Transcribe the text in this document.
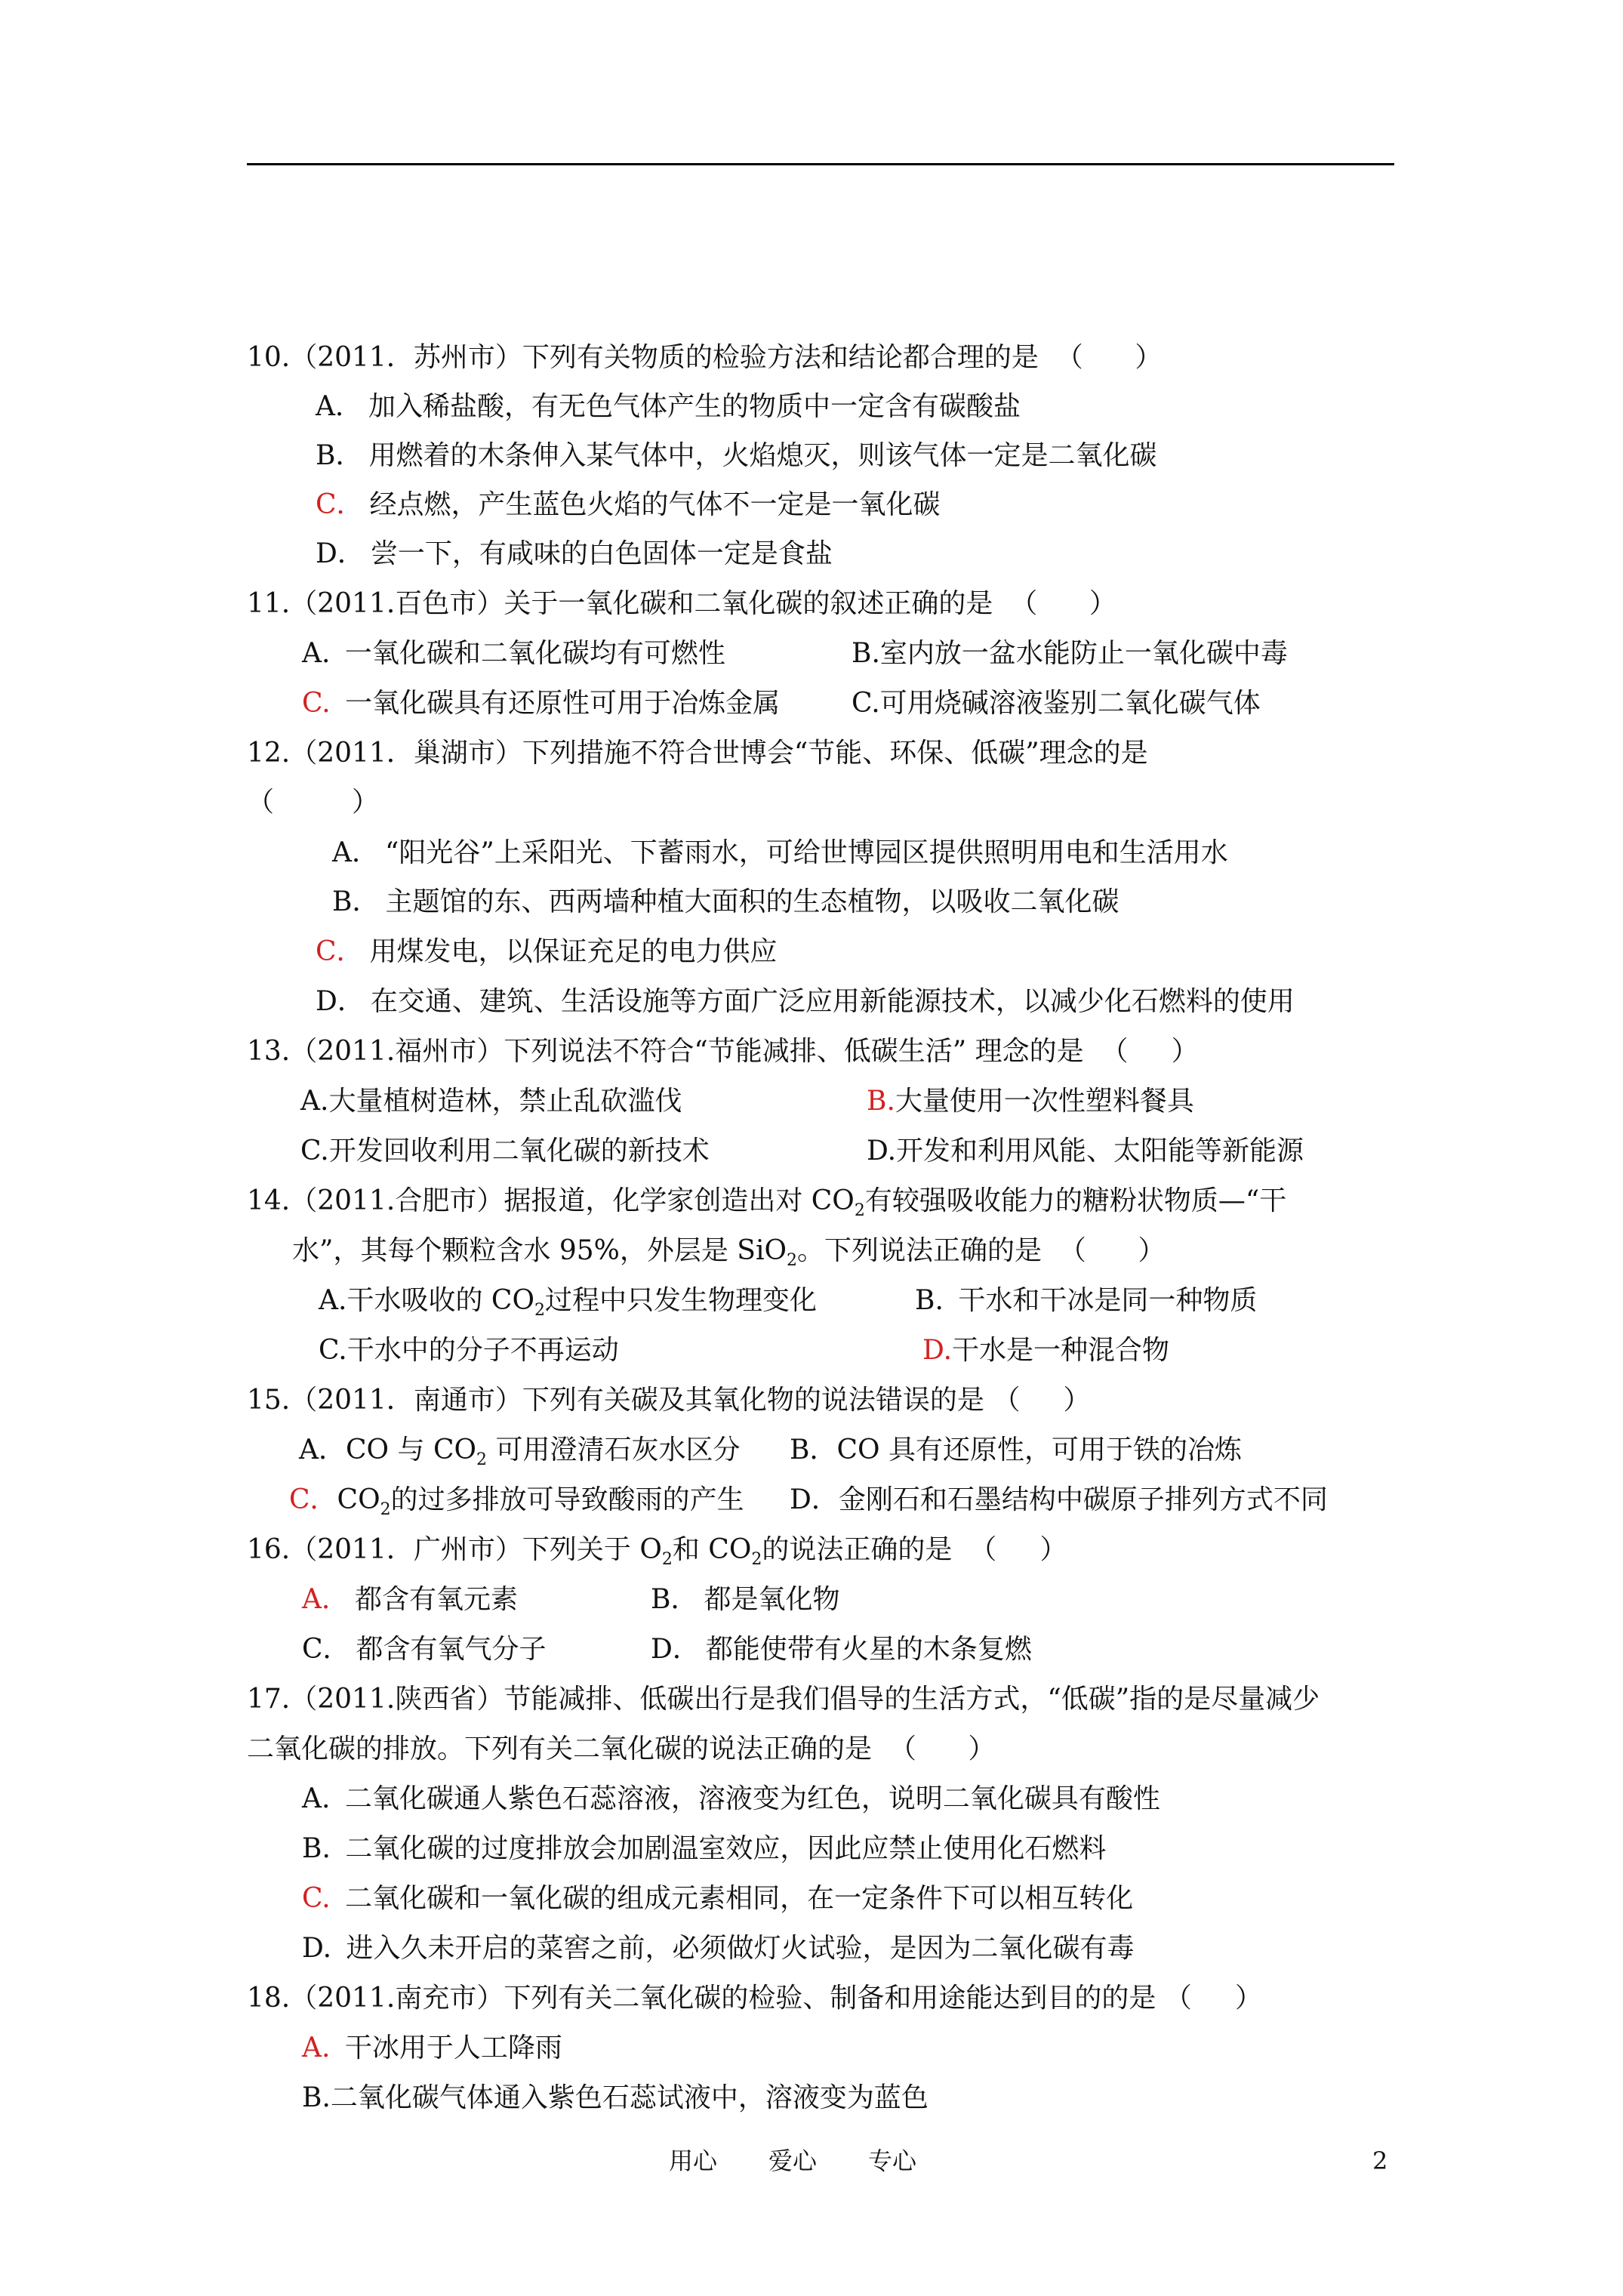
10.（2011．苏州市）下列有关物质的检验方法和结论都合理的是  （      ）
A． 加入稀盐酸，有无色气体产生的物质中一定含有碳酸盐
B． 用燃着的木条伸入某气体中，火焰熄灭，则该气体一定是二氧化碳
C． 经点燃，产生蓝色火焰的气体不一定是一氧化碳
D． 尝一下，有咸味的白色固体一定是食盐
11.（2011.百色市）关于一氧化碳和二氧化碳的叙述正确的是  （      ）
A. 一氧化碳和二氧化碳均有可燃性	B.室内放一盆水能防止一氧化碳中毒
C. 一氧化碳具有还原性可用于冶炼金属	C.可用烧碱溶液鉴别二氧化碳气体
12.（2011．巢湖市）下列措施不符合世博会“节能、环保、低碳”理念的是
（         ）
A． “阳光谷”上采阳光、下蓄雨水，可给世博园区提供照明用电和生活用水
B． 主题馆的东、西两墙种植大面积的生态植物，以吸收二氧化碳
C． 用煤发电，以保证充足的电力供应
D． 在交通、建筑、生活设施等方面广泛应用新能源技术，以减少化石燃料的使用
13.（2011.福州市）下列说法不符合“节能减排、低碳生活” 理念的是  （     ）
A.大量植树造林，禁止乱砍滥伐	B.大量使用一次性塑料餐具
C.开发回收利用二氧化碳的新技术	D.开发和利用风能、太阳能等新能源
14.（2011.合肥市）据报道，化学家创造出对 $CO_2$有较强吸收能力的糖粉状物质—“干
水”，其每个颗粒含水 95%，外层是 SiO$_2$。下列说法正确的是  （      ）
A.干水吸收的 $CO_2$过程中只发生物理变化	B. 干水和干冰是同一种物质
C.干水中的分子不再运动	D.干水是一种混合物
15.（2011．南通市）下列有关碳及其氧化物的说法错误的是 （     ）
A．CO 与 $CO_2$ 可用澄清石灰水区分 B．CO 具有还原性，可用于铁的冶炼
C．$CO_2$的过多排放可导致酸雨的产生 D．金刚石和石墨结构中碳原子排列方式不同
16.（2011．广州市）下列关于 $O_2$和 $CO_2$的说法正确的是  （     ）
A． 都含有氧元素	B． 都是氧化物
C． 都含有氧气分子	D． 都能使带有火星的木条复燃
17.（2011.陕西省）节能减排、低碳出行是我们倡导的生活方式，“低碳”指的是尽量减少
二氧化碳的排放。下列有关二氧化碳的说法正确的是  （      ）
A. 二氧化碳通人紫色石蕊溶液，溶液变为红色，说明二氧化碳具有酸性
B. 二氧化碳的过度排放会加剧温室效应，因此应禁止使用化石燃料
C. 二氧化碳和一氧化碳的组成元素相同，在一定条件下可以相互转化
D. 进入久未开启的菜窖之前，必须做灯火试验，是因为二氧化碳有毒
18.（2011.南充市）下列有关二氧化碳的检验、制备和用途能达到目的的是 （     ）
A. 干冰用于人工降雨
B.二氧化碳气体通入紫色石蕊试液中，溶液变为蓝色
用心 爱心 专心	2
